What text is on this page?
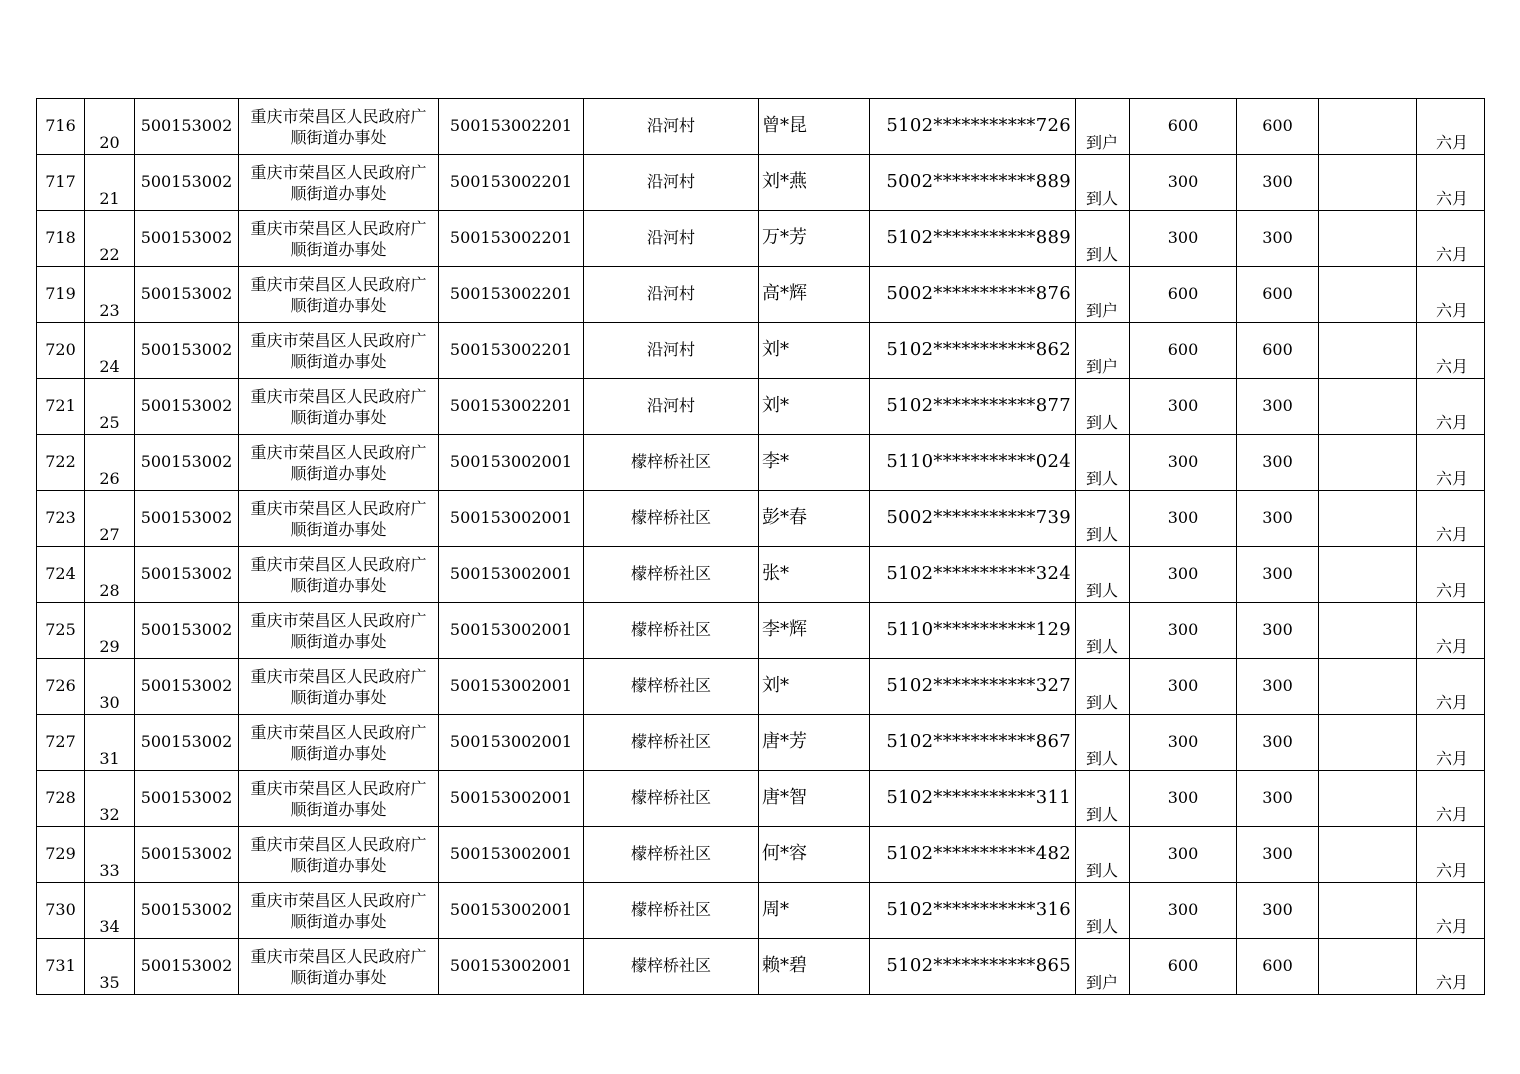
716	20	500153002	重庆市荣昌区人民政府广
顺街道办事处	500153002201	沿河村	曾*昆	5102***********726	到户	600	600		六月
717	21	500153002	重庆市荣昌区人民政府广
顺街道办事处	500153002201	沿河村	刘*燕	5002***********889	到人	300	300		六月
718	22	500153002	重庆市荣昌区人民政府广
顺街道办事处	500153002201	沿河村	万*芳	5102***********889	到人	300	300		六月
719	23	500153002	重庆市荣昌区人民政府广
顺街道办事处	500153002201	沿河村	高*辉	5002***********876	到户	600	600		六月
720	24	500153002	重庆市荣昌区人民政府广
顺街道办事处	500153002201	沿河村	刘*	5102***********862	到户	600	600		六月
721	25	500153002	重庆市荣昌区人民政府广
顺街道办事处	500153002201	沿河村	刘*	5102***********877	到人	300	300		六月
722	26	500153002	重庆市荣昌区人民政府广
顺街道办事处	500153002001	檬梓桥社区	李*	5110***********024	到人	300	300		六月
723	27	500153002	重庆市荣昌区人民政府广
顺街道办事处	500153002001	檬梓桥社区	彭*春	5002***********739	到人	300	300		六月
724	28	500153002	重庆市荣昌区人民政府广
顺街道办事处	500153002001	檬梓桥社区	张*	5102***********324	到人	300	300		六月
725	29	500153002	重庆市荣昌区人民政府广
顺街道办事处	500153002001	檬梓桥社区	李*辉	5110***********129	到人	300	300		六月
726	30	500153002	重庆市荣昌区人民政府广
顺街道办事处	500153002001	檬梓桥社区	刘*	5102***********327	到人	300	300		六月
727	31	500153002	重庆市荣昌区人民政府广
顺街道办事处	500153002001	檬梓桥社区	唐*芳	5102***********867	到人	300	300		六月
728	32	500153002	重庆市荣昌区人民政府广
顺街道办事处	500153002001	檬梓桥社区	唐*智	5102***********311	到人	300	300		六月
729	33	500153002	重庆市荣昌区人民政府广
顺街道办事处	500153002001	檬梓桥社区	何*容	5102***********482	到人	300	300		六月
730	34	500153002	重庆市荣昌区人民政府广
顺街道办事处	500153002001	檬梓桥社区	周*	5102***********316	到人	300	300		六月
731	35	500153002	重庆市荣昌区人民政府广
顺街道办事处	500153002001	檬梓桥社区	赖*碧	5102***********865	到户	600	600		六月
